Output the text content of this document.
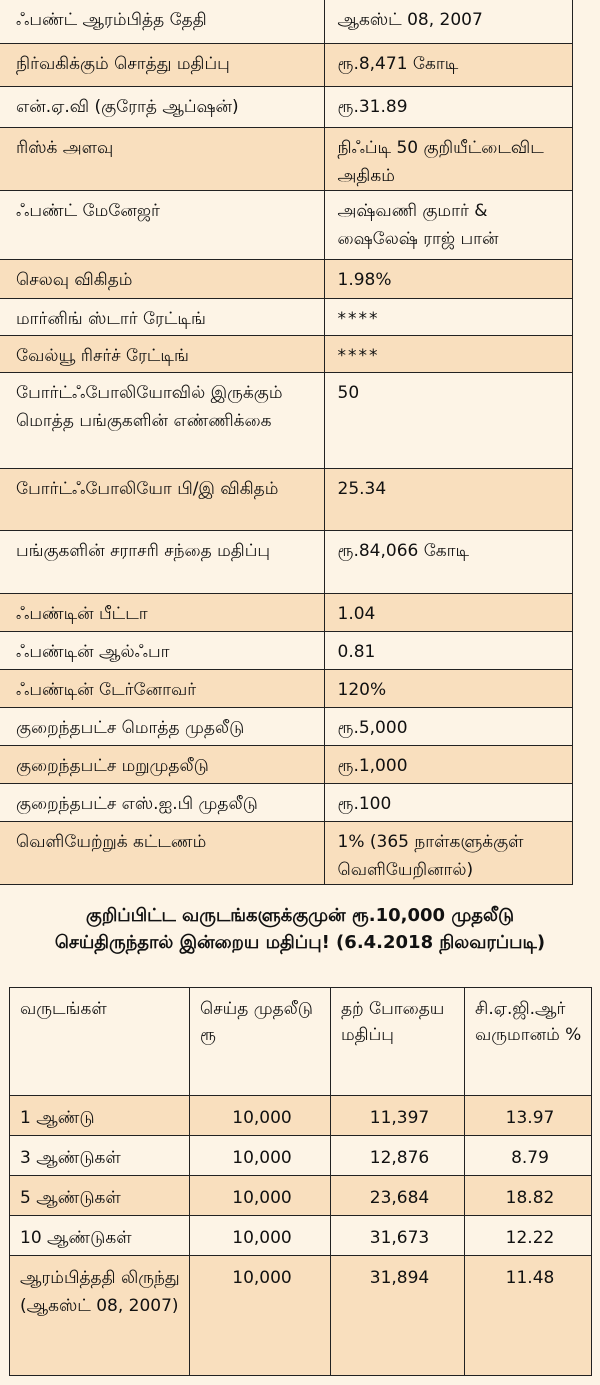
ஃபண்ட் ஆரம்பித்த தேதி	ஆகஸ்ட் 08, 2007
நிர்வகிக்கும் சொத்து மதிப்பு	ரூ.8,471 கோடி
என்.ஏ.வி (குரோத் ஆப்ஷன்)	ரூ.31.89
ரிஸ்க் அளவு	நிஃப்டி 50 குறியீட்டைவிட அதிகம்
ஃபண்ட் மேனேஜர்	அஷ்வணி குமார் & ஷைலேஷ் ராஜ் பான்
செலவு விகிதம்	1.98%
மார்னிங் ஸ்டார் ரேட்டிங்	****
வேல்யூ ரிசர்ச் ரேட்டிங்	****
போர்ட்ஃபோலியோவில் இருக்கும் மொத்த பங்குகளின் எண்ணிக்கை	50
போர்ட்ஃபோலியோ பி/இ விகிதம்	25.34
பங்குகளின் சராசரி சந்தை மதிப்பு	ரூ.84,066 கோடி
ஃபண்டின் பீட்டா	1.04
ஃபண்டின் ஆல்ஃபா	0.81
ஃபண்டின் டேர்னோவர்	120%
குறைந்தபட்ச மொத்த முதலீடு	ரூ.5,000
குறைந்தபட்ச மறுமுதலீடு	ரூ.1,000
குறைந்தபட்ச எஸ்.ஐ.பி முதலீடு	ரூ.100
வெளியேற்றுக் கட்டணம்	1% (365 நாள்களுக்குள் வெளியேறினால்)
குறிப்பிட்ட வருடங்களுக்குமுன் ரூ.10,000 முதலீடு
செய்திருந்தால் இன்றைய மதிப்பு! (6.4.2018 நிலவரப்படி)
வருடங்கள்	செய்த முதலீடு ரூ	தற் போதைய மதிப்பு	சி.ஏ.ஜி.ஆர் வருமானம் %
1 ஆண்டு	10,000	11,397	13.97
3 ஆண்டுகள்	10,000	12,876	8.79
5 ஆண்டுகள்	10,000	23,684	18.82
10 ஆண்டுகள்	10,000	31,673	12.22
ஆரம்பித்ததி லிருந்து (ஆகஸ்ட் 08, 2007)	10,000	31,894	11.48
